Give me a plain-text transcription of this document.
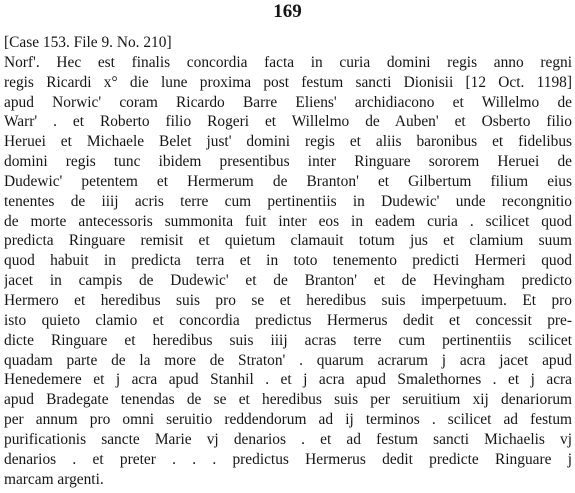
169
[Case 153. File 9. No. 210]
Norf'. Hec est finalis concordia facta in curia domini regis anno regni
regis Ricardi x° die lune proxima post festum sancti Dionisii [12 Oct. 1198]
apud Norwic' coram Ricardo Barre Eliens' archidiacono et Willelmo de
Warr' . et Roberto filio Rogeri et Willelmo de Auben' et Osberto filio
Heruei et Michaele Belet just' domini regis et aliis baronibus et fidelibus
domini regis tunc ibidem presentibus inter Ringuare sororem Heruei de
Dudewic' petentem et Hermerum de Branton' et Gilbertum filium eius
tenentes de iiij acris terre cum pertinentiis in Dudewic' unde recongnitio
de morte antecessoris summonita fuit inter eos in eadem curia . scilicet quod
predicta Ringuare remisit et quietum clamauit totum jus et clamium suum
quod habuit in predicta terra et in toto tenemento predicti Hermeri quod
jacet in campis de Dudewic' et de Branton' et de Hevingham predicto
Hermero et heredibus suis pro se et heredibus suis imperpetuum. Et pro
isto quieto clamio et concordia predictus Hermerus dedit et concessit pre-
dicte Ringuare et heredibus suis iiij acras terre cum pertinentiis scilicet
quadam parte de la more de Straton' . quarum acrarum j acra jacet apud
Henedemere et j acra apud Stanhil . et j acra apud Smalethornes . et j acra
apud Bradegate tenendas de se et heredibus suis per seruitium xij denariorum
per annum pro omni seruitio reddendorum ad ij terminos . scilicet ad festum
purificationis sancte Marie vj denarios . et ad festum sancti Michaelis vj
denarios . et preter . . . predictus Hermerus dedit predicte Ringuare j
marcam argenti.
